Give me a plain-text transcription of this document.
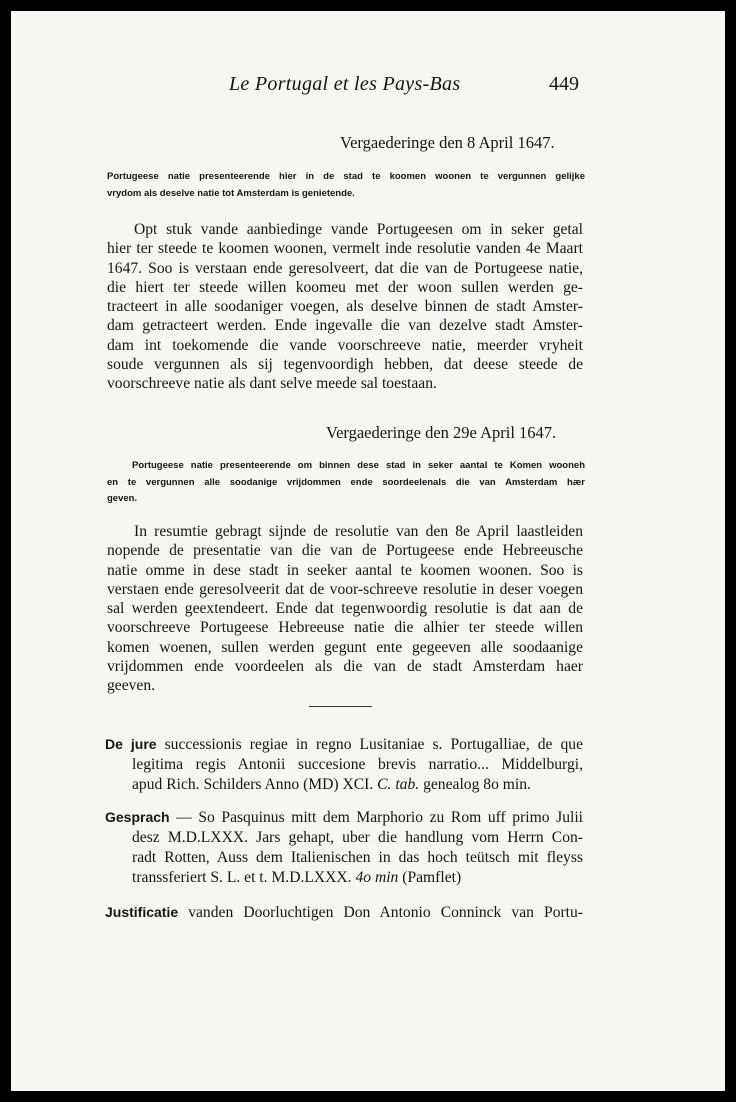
Le Portugal et les Pays-Bas	449
Vergaederinge den 8 April 1647.

Portugeese natie presenteerende hier in de stad te koomen woonen te vergunnen gelijke
vrydom als deselve natie tot Amsterdam is genietende.

Opt stuk vande aanbiedinge vande Portugeesen om in seker getal
hier ter steede te koomen woonen, vermelt inde resolutie vanden 4e Maart
1647. Soo is verstaan ende geresolveert, dat die van de Portugeese natie,
die hiert ter steede willen koomeu met der woon sullen werden ge-
tracteert in alle soodaniger voegen, als deselve binnen de stadt Amster-
dam getracteert werden. Ende ingevalle die van dezelve stadt Amster-
dam int toekomende die vande voorschreeve natie, meerder vryheit
soude vergunnen als sij tegenvoordigh hebben, dat deese steede de
voorschreeve natie als dant selve meede sal toestaan.

Vergaederinge den 29e April 1647.

Portugeese natie presenteerende om binnen dese stad in seker aantal te Komen wooneh
en te vergunnen alle soodanige vrijdommen ende soordeelenals die van Amsterdam hær
geven.

In resumtie gebragt sijnde de resolutie van den 8e April laastleiden
nopende de presentatie van die van de Portugeese ende Hebreeusche
natie omme in dese stadt in seeker aantal te koomen woonen. Soo is
verstaen ende geresolveerit dat de voor-schreeve resolutie in deser voegen
sal werden geextendeert. Ende dat tegenwoordig resolutie is dat aan de
voorschreeve Portugeese Hebreeuse natie die alhier ter steede willen
komen woenen, sullen werden gegunt ente gegeeven alle soodaanige
vrijdommen ende voordeelen als die van de stadt Amsterdam haer
geeven.

De jure successionis regiae in regno Lusitaniae s. Portugalliae, de que
legitima regis Antonii succesione brevis narratio... Middelburgi,
apud Rich. Schilders Anno (MD) XCI. C. tab. genealog 8o min.

Gesprach — So Pasquinus mitt dem Marphorio zu Rom uff primo Julii
desz M.D.LXXX. Jars gehapt, uber die handlung vom Herrn Con-
radt Rotten, Auss dem Italienischen in das hoch teütsch mit fleyss
transsferiert S. L. et t. M.D.LXXX. 4o min (Pamflet)

Justificatie vanden Doorluchtigen Don Antonio Conninck van Portu-
